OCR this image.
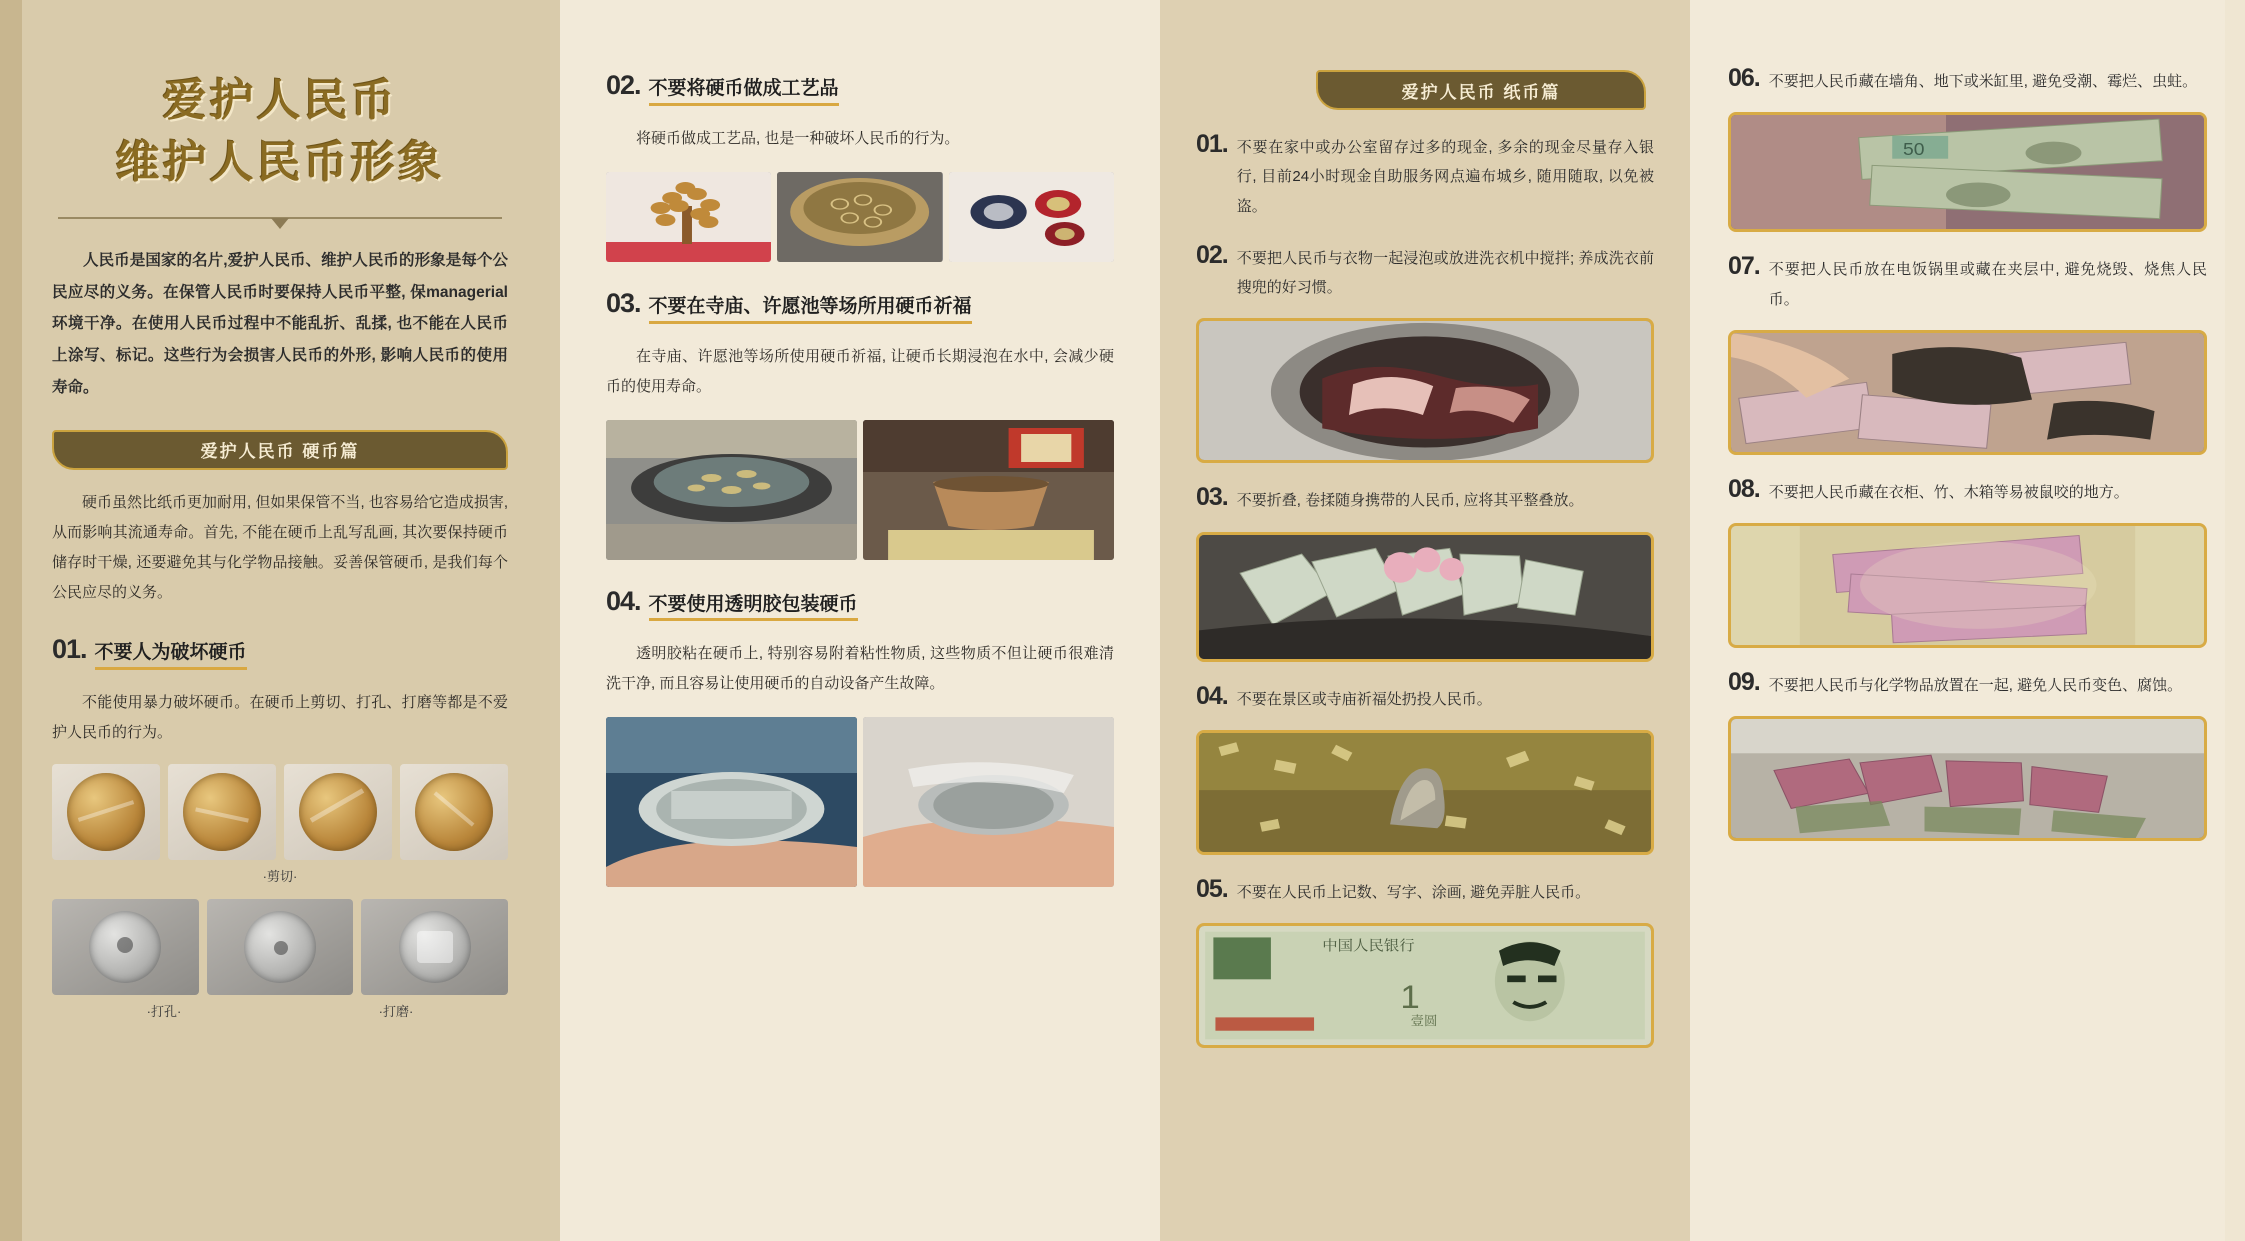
爱护人民币
维护人民币形象
人民币是国家的名片,爱护人民币、维护人民币的形象是每个公民应尽的义务。在保管人民币时要保持人民币平整, 保managerial环境干净。在使用人民币过程中不能乱折、乱揉, 也不能在人民币上涂写、标记。这些行为会损害人民币的外形, 影响人民币的使用寿命。
爱护人民币 硬币篇
硬币虽然比纸币更加耐用, 但如果保管不当, 也容易给它造成损害, 从而影响其流通寿命。首先, 不能在硬币上乱写乱画, 其次要保持硬币储存时干燥, 还要避免其与化学物品接触。妥善保管硬币, 是我们每个公民应尽的义务。
01. 不要人为破坏硬币
不能使用暴力破坏硬币。在硬币上剪切、打孔、打磨等都是不爱护人民币的行为。
·剪切·
·打孔·	·打磨·
02. 不要将硬币做成工艺品
将硬币做成工艺品, 也是一种破坏人民币的行为。
03. 不要在寺庙、许愿池等场所用硬币祈福
在寺庙、许愿池等场所使用硬币祈福, 让硬币长期浸泡在水中, 会减少硬币的使用寿命。
04. 不要使用透明胶包装硬币
透明胶粘在硬币上, 特别容易附着粘性物质, 这些物质不但让硬币很难清洗干净, 而且容易让使用硬币的自动设备产生故障。
爱护人民币 纸币篇
01. 不要在家中或办公室留存过多的现金, 多余的现金尽量存入银行, 目前24小时现金自助服务网点遍布城乡, 随用随取, 以免被盗。
02. 不要把人民币与衣物一起浸泡或放进洗衣机中搅拌; 养成洗衣前搜兜的好习惯。
03. 不要折叠, 卷揉随身携带的人民币, 应将其平整叠放。
04. 不要在景区或寺庙祈福处扔投人民币。
05. 不要在人民币上记数、写字、涂画, 避免弄脏人民币。
中国人民银行
1
壹圆
06. 不要把人民币藏在墙角、地下或米缸里, 避免受潮、霉烂、虫蛀。
50
07. 不要把人民币放在电饭锅里或藏在夹层中, 避免烧毁、烧焦人民币。
08. 不要把人民币藏在衣柜、竹、木箱等易被鼠咬的地方。
09. 不要把人民币与化学物品放置在一起, 避免人民币变色、腐蚀。
